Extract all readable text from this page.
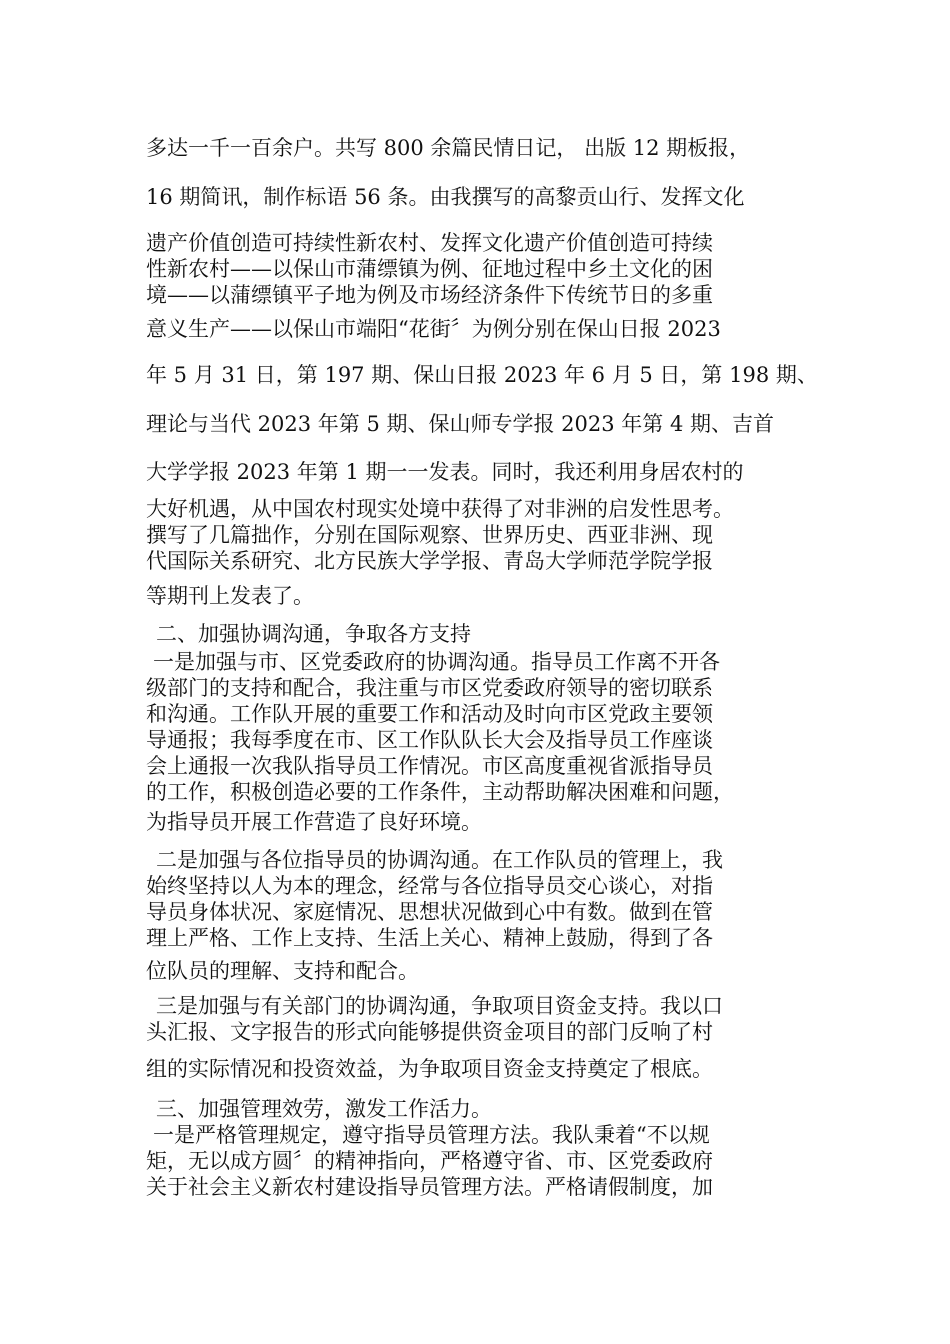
多达一千一百余户。共写 800 余篇民情日记， 出版 12 期板报，
16 期简讯，制作标语 56 条。由我撰写的高黎贡山行、发挥文化
遗产价值创造可持续性新农村、发挥文化遗产价值创造可持续
性新农村——以保山市蒲缥镇为例、征地过程中乡土文化的困
境——以蒲缥镇平子地为例及市场经济条件下传统节日的多重
意义生产——以保山市端阳“花街〞为例分别在保山日报 2023
年 5 月 31 日，第 197 期、保山日报 2023 年 6 月 5 日，第 198 期、
理论与当代 2023 年第 5 期、保山师专学报 2023 年第 4 期、吉首
大学学报 2023 年第 1 期一一发表。同时，我还利用身居农村的
大好机遇，从中国农村现实处境中获得了对非洲的启发性思考。
撰写了几篇拙作，分别在国际观察、世界历史、西亚非洲、现
代国际关系研究、北方民族大学学报、青岛大学师范学院学报
等期刊上发表了。
二、加强协调沟通，争取各方支持
一是加强与市、区党委政府的协调沟通。指导员工作离不开各
级部门的支持和配合，我注重与市区党委政府领导的密切联系
和沟通。工作队开展的重要工作和活动及时向市区党政主要领
导通报；我每季度在市、区工作队队长大会及指导员工作座谈
会上通报一次我队指导员工作情况。市区高度重视省派指导员
的工作，积极创造必要的工作条件，主动帮助解决困难和问题，
为指导员开展工作营造了良好环境。
二是加强与各位指导员的协调沟通。在工作队员的管理上，我
始终坚持以人为本的理念，经常与各位指导员交心谈心，对指
导员身体状况、家庭情况、思想状况做到心中有数。做到在管
理上严格、工作上支持、生活上关心、精神上鼓励，得到了各
位队员的理解、支持和配合。
三是加强与有关部门的协调沟通，争取项目资金支持。我以口
头汇报、文字报告的形式向能够提供资金项目的部门反响了村
组的实际情况和投资效益，为争取项目资金支持奠定了根底。
三、加强管理效劳，激发工作活力。
一是严格管理规定，遵守指导员管理方法。我队秉着“不以规
矩，无以成方圆〞的精神指向，严格遵守省、市、区党委政府
关于社会主义新农村建设指导员管理方法。严格请假制度，加
